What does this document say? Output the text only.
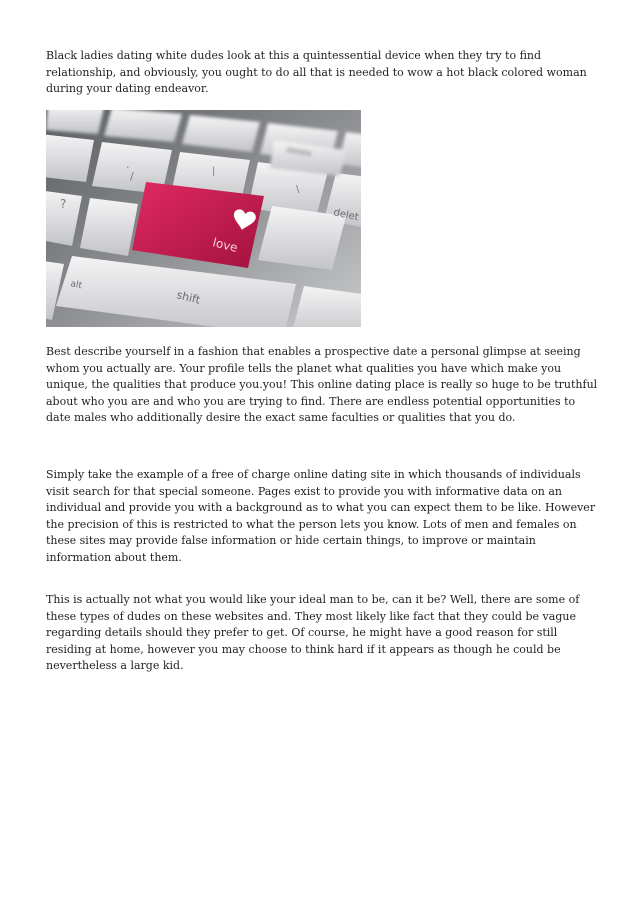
Black ladies dating white dudes look at this a quintessential device when they try to find relationship, and obviously, you ought to do all that is needed to wow a hot black colored woman during your dating endeavor.

love
shift
delete
delet
alt
?
/
.
|
\

Best describe yourself in a fashion that enables a prospective date a personal glimpse at seeing whom you actually are. Your profile tells the planet what qualities you have which make you unique, the qualities that produce you.you! This online dating place is really so huge to be truthful about who you are and who you are trying to find. There are endless potential opportunities to date males who additionally desire the exact same faculties or qualities that you do.

Simply take the example of a free of charge online dating site in which thousands of individuals visit search for that special someone. Pages exist to provide you with informative data on an individual and provide you with a background as to what you can expect them to be like. However the precision of this is restricted to what the person lets you know. Lots of men and females on these sites may provide false information or hide certain things, to improve or maintain information about them.

This is actually not what you would like your ideal man to be, can it be? Well, there are some of these types of dudes on these websites and. They most likely like fact that they could be vague regarding details should they prefer to get. Of course, he might have a good reason for still residing at home, however you may choose to think hard if it appears as though he could be nevertheless a large kid.
